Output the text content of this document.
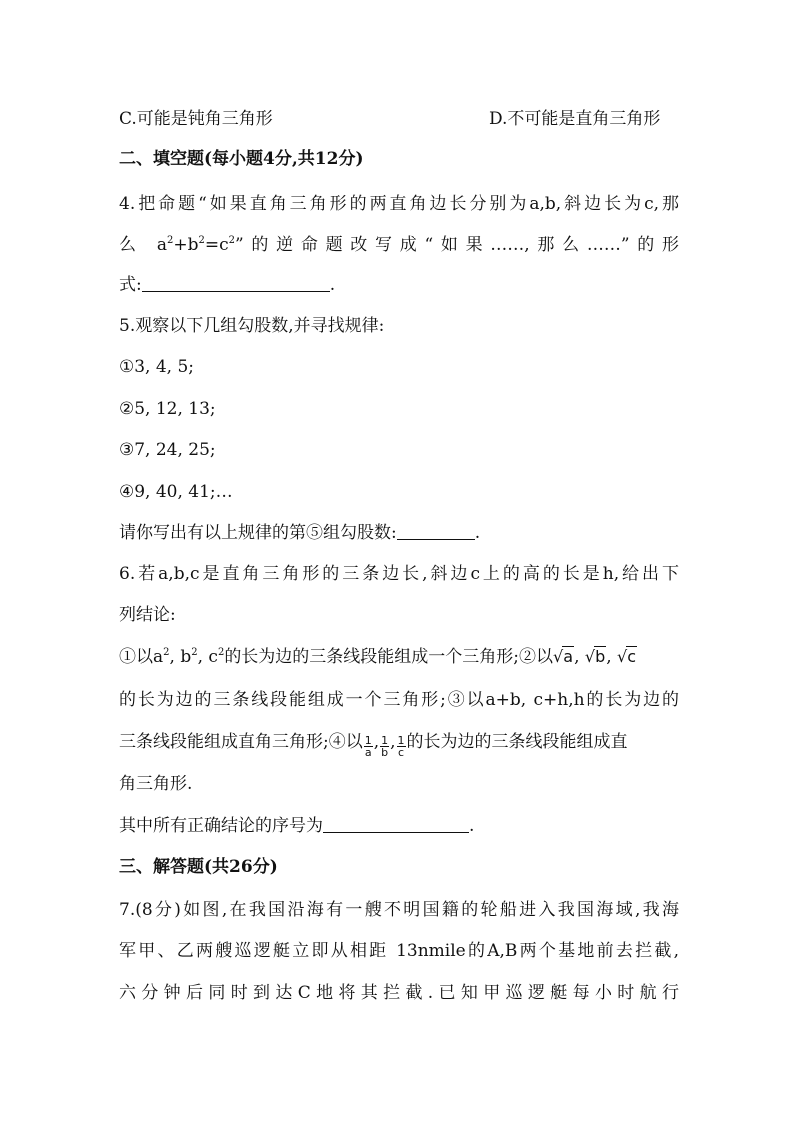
C.可能是钝角三角形	D.不可能是直角三角形
二、填空题(每小题4分,共12分)
4.把命题“如果直角三角形的两直角边长分别为a,b,斜边长为c,那
么 $a^2+b^2=c^2$”的逆命题改写成“如果……,那么……”的形
式:	.
5.观察以下几组勾股数,并寻找规律:
①3, 4, 5;
②5, 12, 13;
③7, 24, 25;
④9, 40, 41;…
请你写出有以上规律的第⑤组勾股数:	.
6.若a,b,c是直角三角形的三条边长,斜边c上的高的长是h,给出下
列结论:
①以$a^2$, $b^2$, $c^2$的长为边的三条线段能组成一个三角形;②以√a, √b, √c
的长为边的三条线段能组成一个三角形;③以a+b, c+h,h的长为边的
三条线段能组成直角三角形;④以 $\frac{1}{a}$ , $\frac{1}{b}$ , $\frac{1}{c}$ 的长为边的三条线段能组成直
角三角形.
其中所有正确结论的序号为	.
三、解答题(共26分)
7.(8分)如图,在我国沿海有一艘不明国籍的轮船进入我国海域,我海
军甲、乙两艘巡逻艇立即从相距 13nmile的A,B两个基地前去拦截,
六分钟后同时到达C地将其拦截.已知甲巡逻艇每小时航行
